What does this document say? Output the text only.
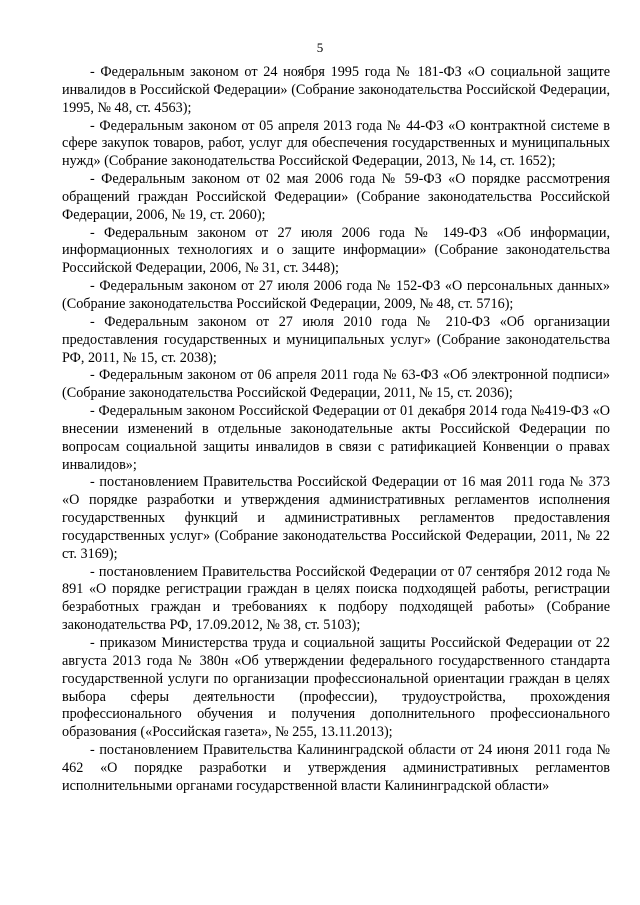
5

- Федеральным законом от 24 ноября 1995 года № 181-ФЗ «О социальной защите инвалидов в Российской Федерации» (Собрание законодательства Российской Федерации, 1995, № 48, ст. 4563);

- Федеральным законом от 05 апреля 2013 года № 44-ФЗ «О контрактной системе в сфере закупок товаров, работ, услуг для обеспечения государственных и муниципальных нужд» (Собрание законодательства Российской Федерации, 2013, № 14, ст. 1652);

- Федеральным законом от 02 мая 2006 года № 59-ФЗ «О порядке рассмотрения обращений граждан Российской Федерации» (Собрание законодательства Российской Федерации, 2006, № 19, ст. 2060);

- Федеральным законом от 27 июля 2006 года № 149-ФЗ «Об информации, информационных технологиях и о защите информации» (Собрание законодательства Российской Федерации, 2006, № 31, ст. 3448);

- Федеральным законом от 27 июля 2006 года № 152-ФЗ «О персональных данных» (Собрание законодательства Российской Федерации, 2009, № 48, ст. 5716);

- Федеральным законом от 27 июля 2010 года № 210-ФЗ «Об организации предоставления государственных и муниципальных услуг» (Собрание законодательства РФ, 2011, № 15, ст. 2038);

- Федеральным законом от 06 апреля 2011 года № 63-ФЗ «Об электронной подписи» (Собрание законодательства Российской Федерации, 2011, № 15, ст. 2036);

- Федеральным законом Российской Федерации от 01 декабря 2014 года №419-ФЗ «О внесении изменений в отдельные законодательные акты Российской Федерации по вопросам социальной защиты инвалидов в связи с ратификацией Конвенции о правах инвалидов»;

- постановлением Правительства Российской Федерации от 16 мая 2011 года № 373 «О порядке разработки и утверждения административных регламентов исполнения государственных функций и административных регламентов предоставления государственных услуг» (Собрание законодательства Российской Федерации, 2011, № 22 ст. 3169);

- постановлением Правительства Российской Федерации от 07 сентября 2012 года № 891 «О порядке регистрации граждан в целях поиска подходящей работы, регистрации безработных граждан и требованиях к подбору подходящей работы» (Собрание законодательства РФ, 17.09.2012, № 38, ст. 5103);

- приказом Министерства труда и социальной защиты Российской Федерации от 22 августа 2013 года № 380н «Об утверждении федерального государственного стандарта государственной услуги по организации профессиональной ориентации граждан в целях выбора сферы деятельности (профессии), трудоустройства, прохождения профессионального обучения и получения дополнительного профессионального образования («Российская газета», № 255, 13.11.2013);

- постановлением Правительства Калининградской области от 24 июня 2011 года № 462 «О порядке разработки и утверждения административных регламентов исполнительными органами государственной власти Калининградской области»
